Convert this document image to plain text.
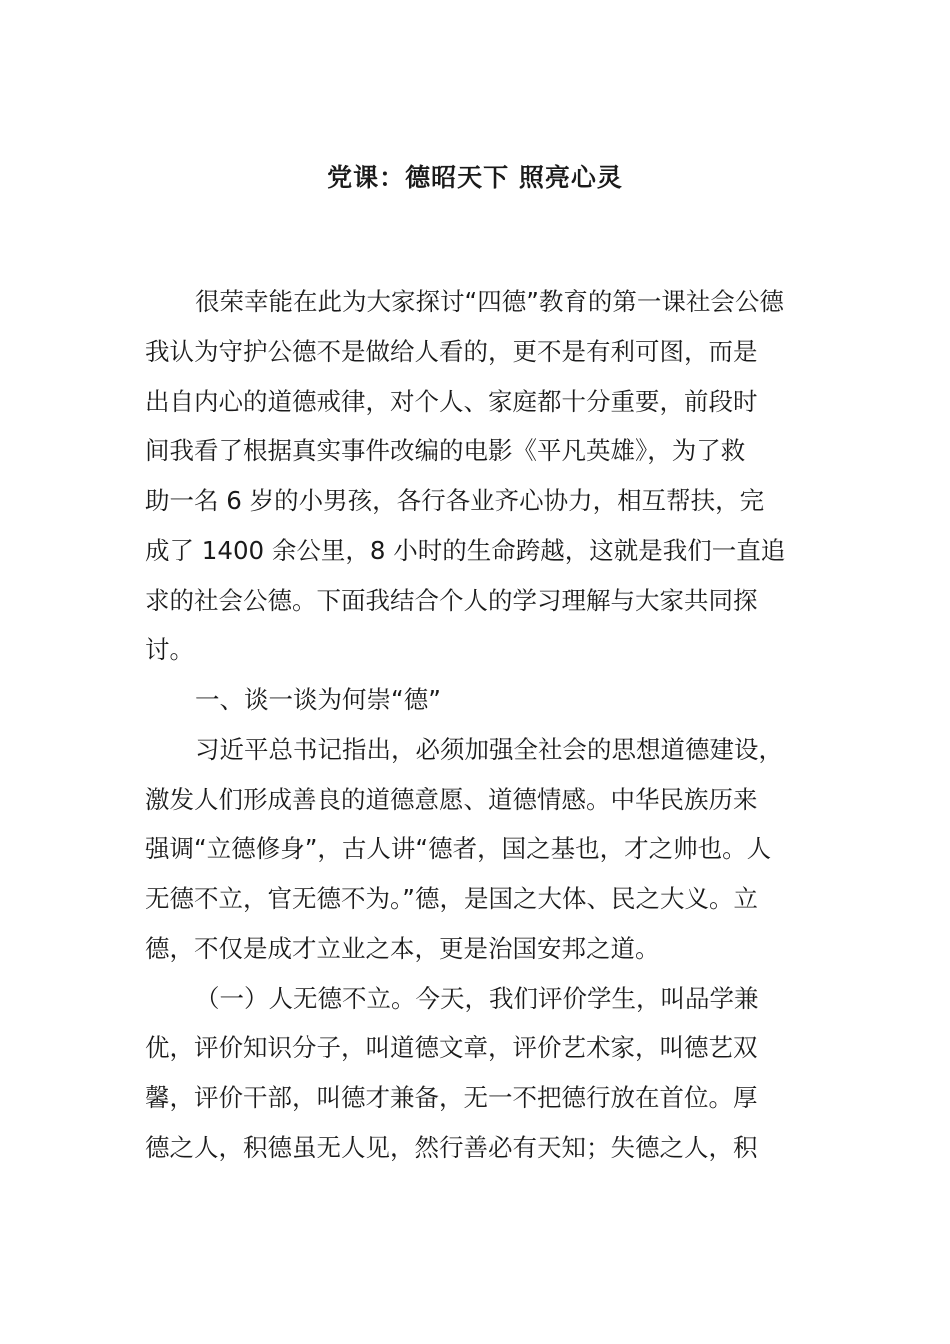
党课：德昭天下 照亮心灵
很荣幸能在此为大家探讨“四德”教育的第一课社会公德
我认为守护公德不是做给人看的，更不是有利可图，而是
出自内心的道德戒律，对个人、家庭都十分重要，前段时
间我看了根据真实事件改编的电影《平凡英雄》，为了救
助一名 6 岁的小男孩，各行各业齐心协力，相互帮扶，完
成了 1400 余公里，8 小时的生命跨越，这就是我们一直追
求的社会公德。下面我结合个人的学习理解与大家共同探
讨。
一、谈一谈为何崇“德”
习近平总书记指出，必须加强全社会的思想道德建设，
激发人们形成善良的道德意愿、道德情感。中华民族历来
强调“立德修身”，古人讲“德者，国之基也，才之帅也。人
无德不立，官无德不为。”德，是国之大体、民之大义。立
德，不仅是成才立业之本，更是治国安邦之道。
（一）人无德不立。今天，我们评价学生，叫品学兼
优，评价知识分子，叫道德文章，评价艺术家，叫德艺双
馨，评价干部，叫德才兼备，无一不把德行放在首位。厚
德之人，积德虽无人见，然行善必有天知；失德之人，积
